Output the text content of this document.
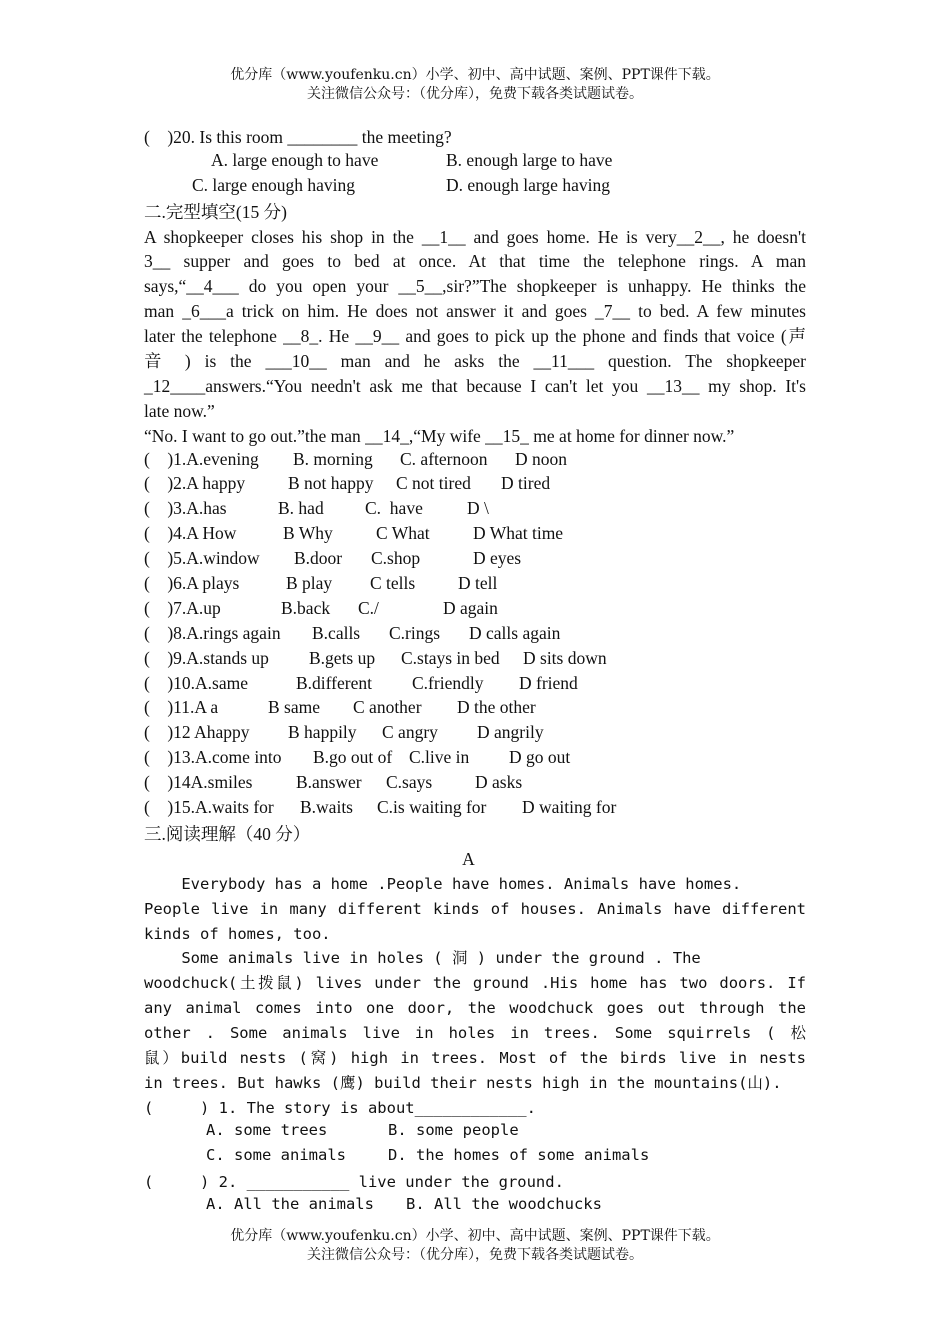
优分库（www.youfenku.cn）小学、初中、高中试题、案例、PPT课件下载。
关注微信公众号：（优分库），免费下载各类试题试卷。
(    )20. Is this room ________ the meeting?
A. large enough to have	B. enough large to have
C. large enough having	D. enough large having
二.完型填空(15 分)
A shopkeeper closes his shop in the __1__ and goes home. He is very__2__, he doesn't
3__ supper and goes to bed at once. At that time the telephone rings. A man
says,“__4___ do you open your __5__,sir?”The shopkeeper is unhappy. He thinks the
man _6___a trick on him. He does not answer it and goes _7__ to bed. A few minutes
later the telephone __8_. He __9__ and goes to pick up the phone and finds that voice (声
音 ) is the ___10__ man and he asks the __11___ question. The shopkeeper
_12____answers.“You needn't ask me that because I can't let you __13__ my shop. It's
late now.”
“No. I want to go out.”the man __14_,“My wife __15_ me at home for dinner now.”
(    )1.A.evening B. morning C. afternoon D noon
(    )2.A happy B not happy C not tired D tired
(    )3.A.has	B. had C.  have	D \
(    )4.A How	B Why C What D What time
(    )5.A.window B.door C.shop	D eyes
(    )6.A plays	B play C tells D tell
(    )7.A.up	B.back C./	D again
(    )8.A.rings again B.calls C.rings D calls again
(    )9.A.stands up B.gets up C.stays in bed D sits down
(    )10.A.same	B.different C.friendly D friend
(    )11.A a	B same C another D the other
(    )12 Ahappy B happily C angry D angrily
(    )13.A.come into B.go out of C.live in D go out
(    )14A.smiles B.answer C.says D asks
(    )15.A.waits for B.waits C.is waiting for D waiting for
三.阅读理解（40 分）
A
Everybody has a home .People have homes. Animals have homes.
People live in many different kinds of houses. Animals have different
kinds of homes, too.
Some animals live in holes ( 洞 ) under the ground . The
woodchuck(土拨鼠) lives under the ground .His home has two doors. If
any animal comes into one door, the woodchuck goes out through the
other . Some animals live in holes in trees. Some squirrels ( 松
鼠）build nests (窝) high in trees. Most of the birds live in nests
in trees. But hawks (鹰) build their nests high in the mountains(山).
(     ) 1. The story is about____________.
A. some trees	B. some people
C. some animals	D. the homes of some animals
(     ) 2. ___________ live under the ground.
A. All the animals B. All the woodchucks
优分库（www.youfenku.cn）小学、初中、高中试题、案例、PPT课件下载。
关注微信公众号：（优分库），免费下载各类试题试卷。
